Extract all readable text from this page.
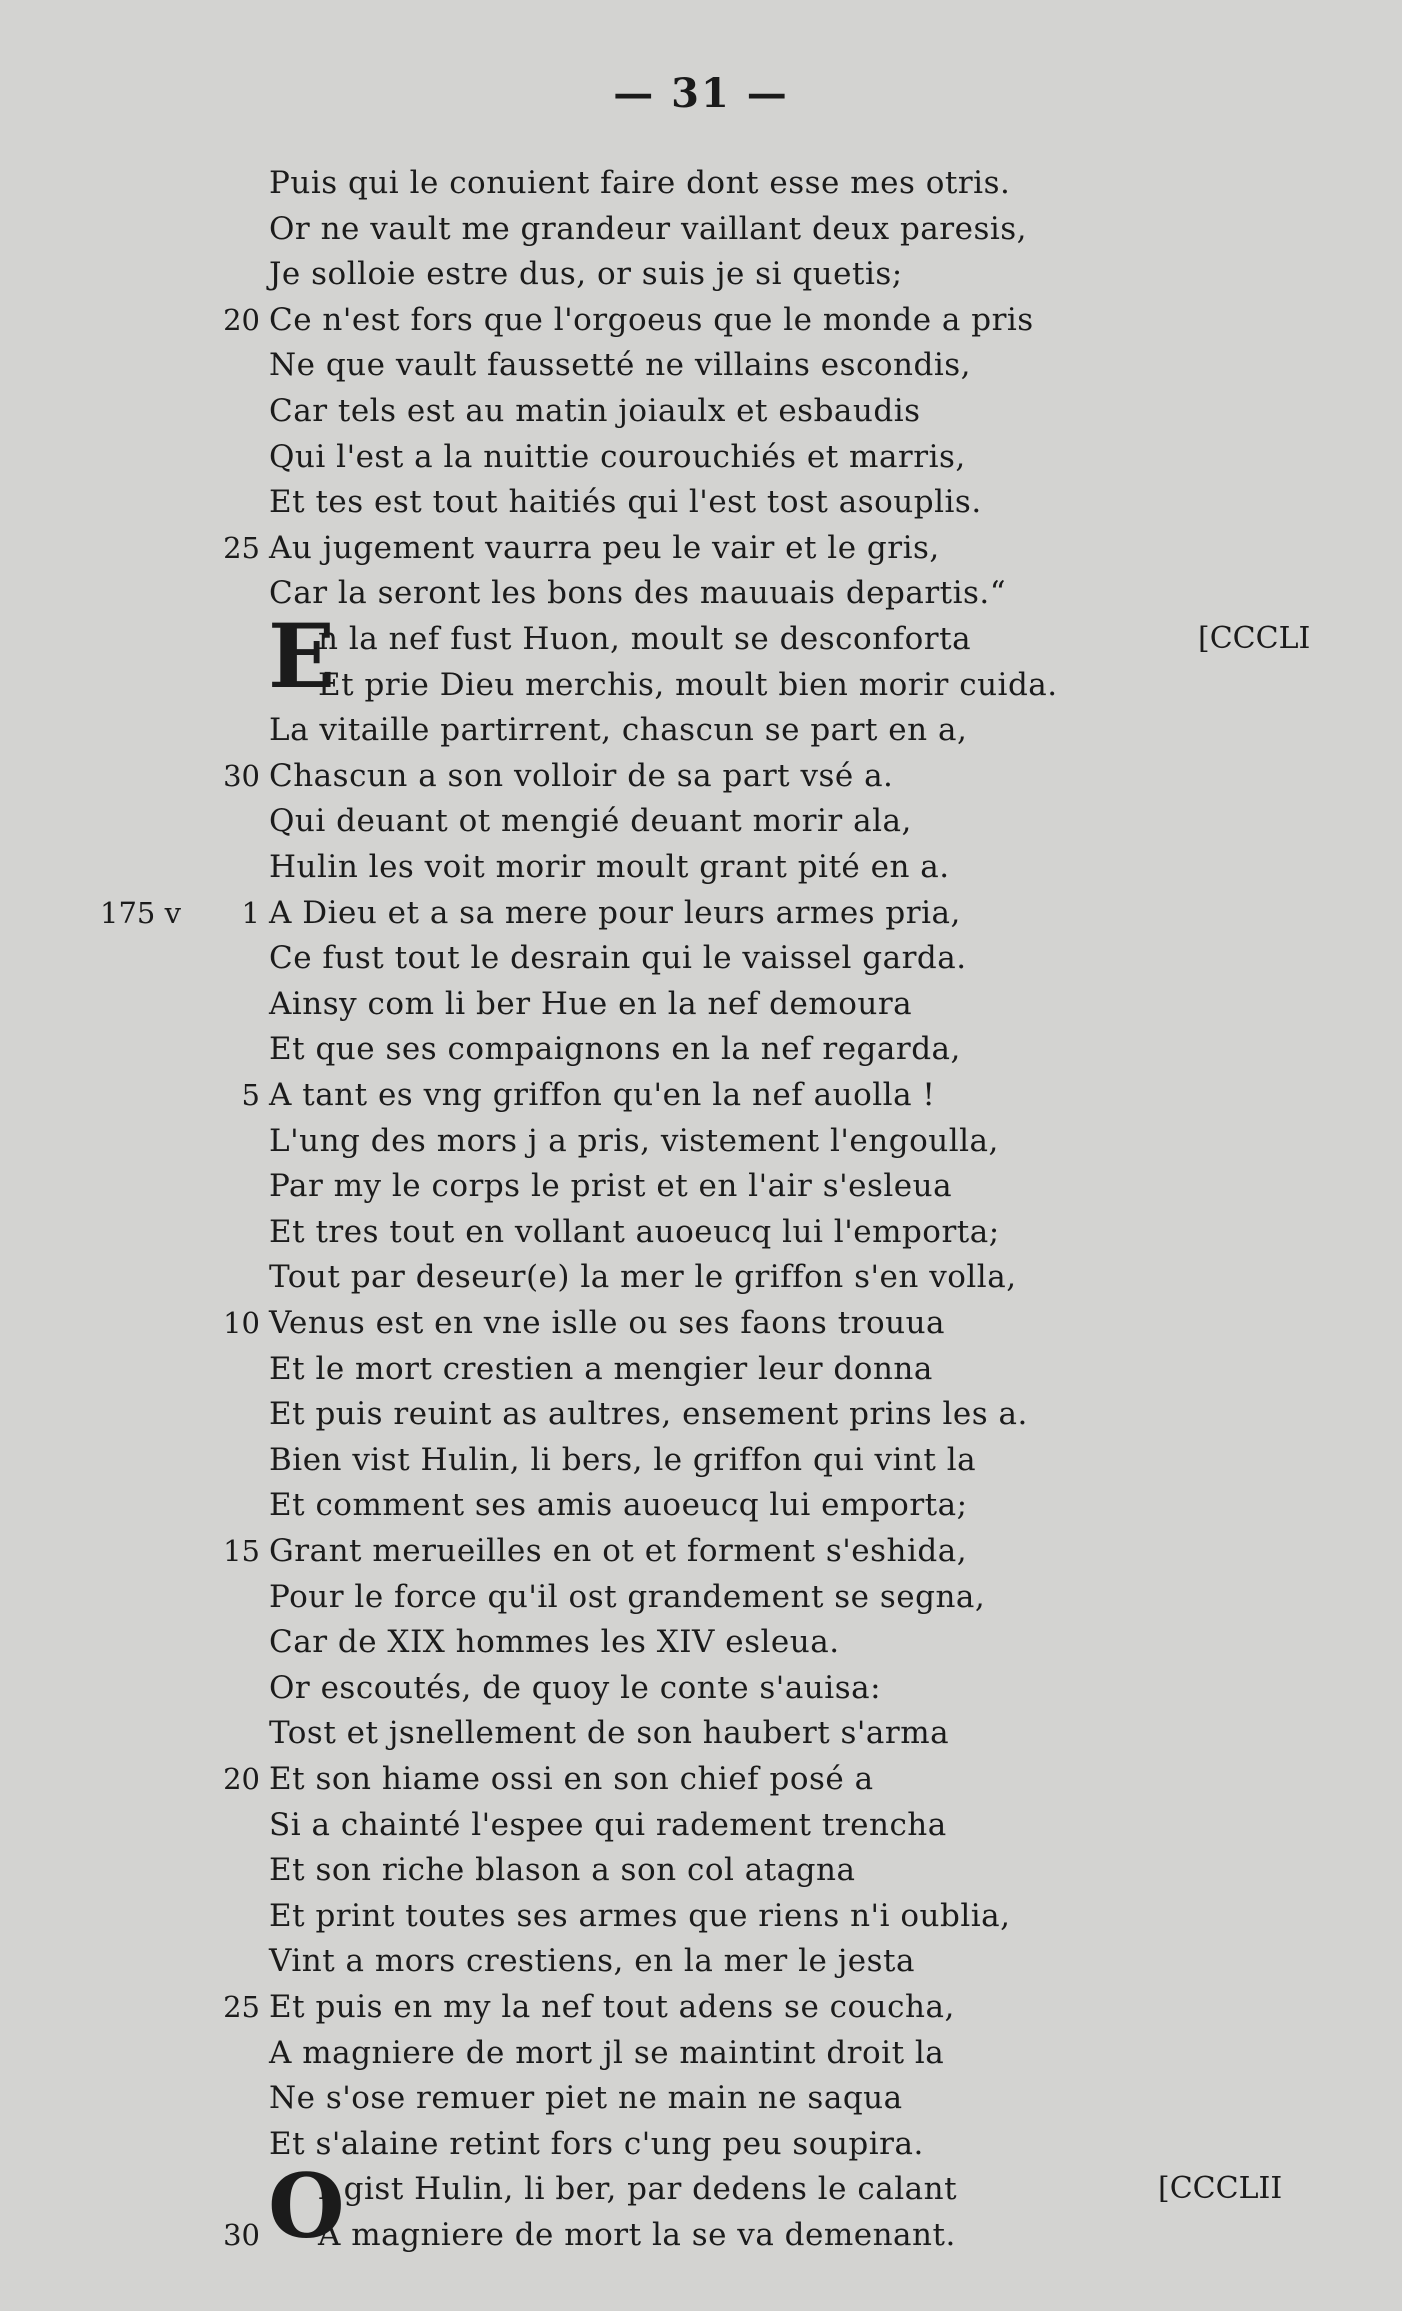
— 31 —
Puis qui le conuient faire dont esse mes otris.
Or ne vault me grandeur vaillant deux paresis,
Je solloie estre dus, or suis je si quetis;
20 Ce n'est fors que l'orgoeus que le monde a pris
Ne que vault faussetté ne villains escondis,
Car tels est au matin joiaulx et esbaudis
Qui l'est a la nuittie courouchiés et marris,
Et tes est tout haitiés qui l'est tost asouplis.
25 Au jugement vaurra peu le vair et le gris,
Car la seront les bons des mauuais departis.“
n la nef fust Huon, moult se desconforta
Et prie Dieu merchis, moult bien morir cuida.
La vitaille partirrent, chascun se part en a,
30 Chascun a son volloir de sa part vsé a.
Qui deuant ot mengié deuant morir ala,
Hulin les voit morir moult grant pité en a.
1 A Dieu et a sa mere pour leurs armes pria,
Ce fust tout le desrain qui le vaissel garda.
Ainsy com li ber Hue en la nef demoura
Et que ses compaignons en la nef regarda,
5 A tant es vng griffon qu'en la nef auolla !
L'ung des mors j a pris, vistement l'engoulla,
Par my le corps le prist et en l'air s'esleua
Et tres tout en vollant auoeucq lui l'emporta;
Tout par deseur(e) la mer le griffon s'en volla,
10 Venus est en vne islle ou ses faons trouua
Et le mort crestien a mengier leur donna
Et puis reuint as aultres, ensement prins les a.
Bien vist Hulin, li bers, le griffon qui vint la
Et comment ses amis auoeucq lui emporta;
15 Grant merueilles en ot et forment s'eshida,
Pour le force qu'il ost grandement se segna,
Car de XIX hommes les XIV esleua.
Or escoutés, de quoy le conte s'auisa:
Tost et jsnellement de son haubert s'arma
20 Et son hiame ossi en son chief posé a
Si a chainté l'espee qui radement trencha
Et son riche blason a son col atagna
Et print toutes ses armes que riens n'i oublia,
Vint a mors crestiens, en la mer le jesta
25 Et puis en my la nef tout adens se coucha,
A magniere de mort jl se maintint droit la
Ne s'ose remuer piet ne main ne saqua
Et s'alaine retint fors c'ung peu soupira.
r gist Hulin, li ber, par dedens le calant
30 A magniere de mort la se va demenant.
E
O
175 v
[CCCLI
[CCCLII
